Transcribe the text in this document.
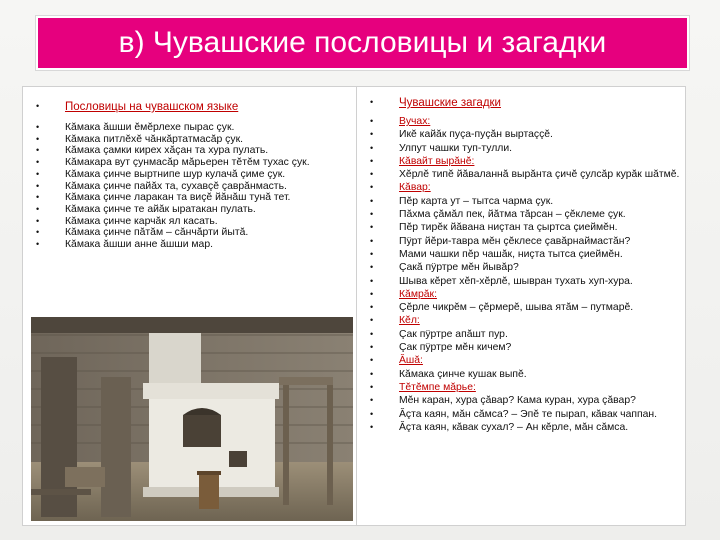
в) Чувашские пословицы и загадки
• Пословицы на чувашском языке
• Кăмака ăшши ĕмĕрлехе пырас çук.
• Кăмака питлĕхĕ чăнкăртатмасăр çук.
• Кăмака çамки кирех хăçан та хура пулать.
• Кăмакара вут çунмасăр мăрьерен тĕтĕм тухас çук.
• Кăмака çинче выртнипе шур кулачă çиме çук.
• Кăмака çинче пайăх та, сухавçĕ çаврăнмасть.
• Кăмака çинче ларакан та виçĕ йăнăш тунă тет.
• Кăмака çинче те айăк ыратакан пулать.
• Кăмака çинче карчăк ял касать.
• Кăмака çинче пăтăм – сăнчăрти йытă.
• Кăмака ăшши анне ăшши мар.
• Чувашские загадки
• Вучах:
• Икĕ кайăк пуçа-пуçăн выртаççĕ.
• Улпут чашки туп-тулли.
• Кăвайт вырăнĕ:
• Хĕрлĕ типĕ йăваланнă вырăнта çичĕ çулсăр курăк шăтмĕ.
• Кăвар:
• Пĕр карта ут – тытса чарма çук.
• Пăхма çăмăл пек, йăтма тăрсан – çĕклеме çук.
• Пĕр тирĕк йăвана ниçтан та çыртса çиеймĕн.
• Пÿрт йĕри-тавра мĕн çĕклесе çавăрнаймастăн?
• Мами чашки пĕр чашăк, ниçта тытса çиеймĕн.
• Çакă пÿртре мĕн йывăр?
• Шыва кĕрет хĕп-хĕрлĕ, шывран тухать хуп-хура.
• Кăмрăк:
• Çĕрле чикрĕм – çĕрмерĕ, шыва ятăм – путмарĕ.
• Кĕл:
• Çак пÿртре апăшт пур.
• Çак пÿртре мĕн кичем?
• Ăшă:
• Кăмака çинче кушак выпĕ.
• Тĕтĕмпе мăрье:
• Мĕн каран, хура çăвар? Кама куран, хура çăвар?
• Ăçта каян, мăн сăмса? – Эпĕ те пырап, кăвак чаппан.
• Ăçта каян, кăвак сухал? – Ан кĕрле, мăн сăмса.
